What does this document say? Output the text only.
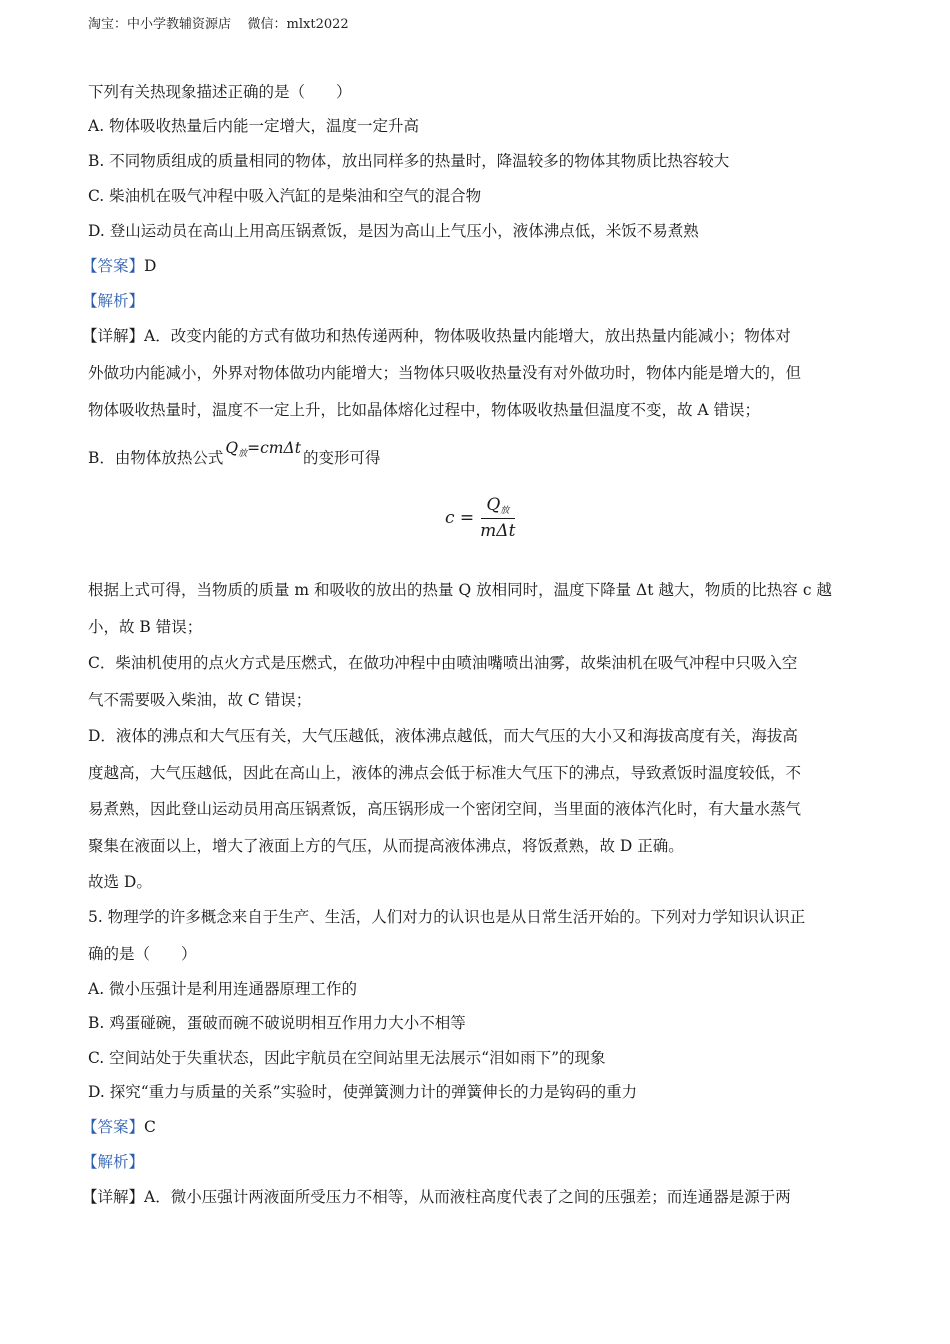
淘宝：中小学教辅资源店 微信：mlxt2022
下列有关热现象描述正确的是（　　）
A. 物体吸收热量后内能一定增大，温度一定升高
B. 不同物质组成的质量相同的物体，放出同样多的热量时，降温较多的物体其物质比热容较大
C. 柴油机在吸气冲程中吸入汽缸的是柴油和空气的混合物
D. 登山运动员在高山上用高压锅煮饭，是因为高山上气压小，液体沸点低，米饭不易煮熟
【答案】D
【解析】
【详解】A．改变内能的方式有做功和热传递两种，物体吸收热量内能增大，放出热量内能减小；物体对
外做功内能减小，外界对物体做功内能增大；当物体只吸收热量没有对外做功时，物体内能是增大的，但
物体吸收热量时，温度不一定上升，比如晶体熔化过程中，物体吸收热量但温度不变，故 A 错误；
B．由物体放热公式$Q_放=cm\Delta t$的变形可得
$c = \frac{Q_放}{\text{mΔt}}$
根据上式可得，当物质的质量 m 和吸收的放出的热量 Q 放相同时，温度下降量 Δt 越大，物质的比热容 c 越
小，故 B 错误；
C．柴油机使用的点火方式是压燃式，在做功冲程中由喷油嘴喷出油雾，故柴油机在吸气冲程中只吸入空
气不需要吸入柴油，故 C 错误；
D．液体的沸点和大气压有关，大气压越低，液体沸点越低，而大气压的大小又和海拔高度有关，海拔高
度越高，大气压越低，因此在高山上，液体的沸点会低于标准大气压下的沸点，导致煮饭时温度较低，不
易煮熟，因此登山运动员用高压锅煮饭，高压锅形成一个密闭空间，当里面的液体汽化时，有大量水蒸气
聚集在液面以上，增大了液面上方的气压，从而提高液体沸点，将饭煮熟，故 D 正确。
故选 D。
5. 物理学的许多概念来自于生产、生活，人们对力的认识也是从日常生活开始的。下列对力学知识认识正
确的是（　　）
A. 微小压强计是利用连通器原理工作的
B. 鸡蛋碰碗，蛋破而碗不破说明相互作用力大小不相等
C. 空间站处于失重状态，因此宇航员在空间站里无法展示“泪如雨下”的现象
D. 探究“重力与质量的关系”实验时，使弹簧测力计的弹簧伸长的力是钩码的重力
【答案】C
【解析】
【详解】A．微小压强计两液面所受压力不相等，从而液柱高度代表了之间的压强差；而连通器是源于两
